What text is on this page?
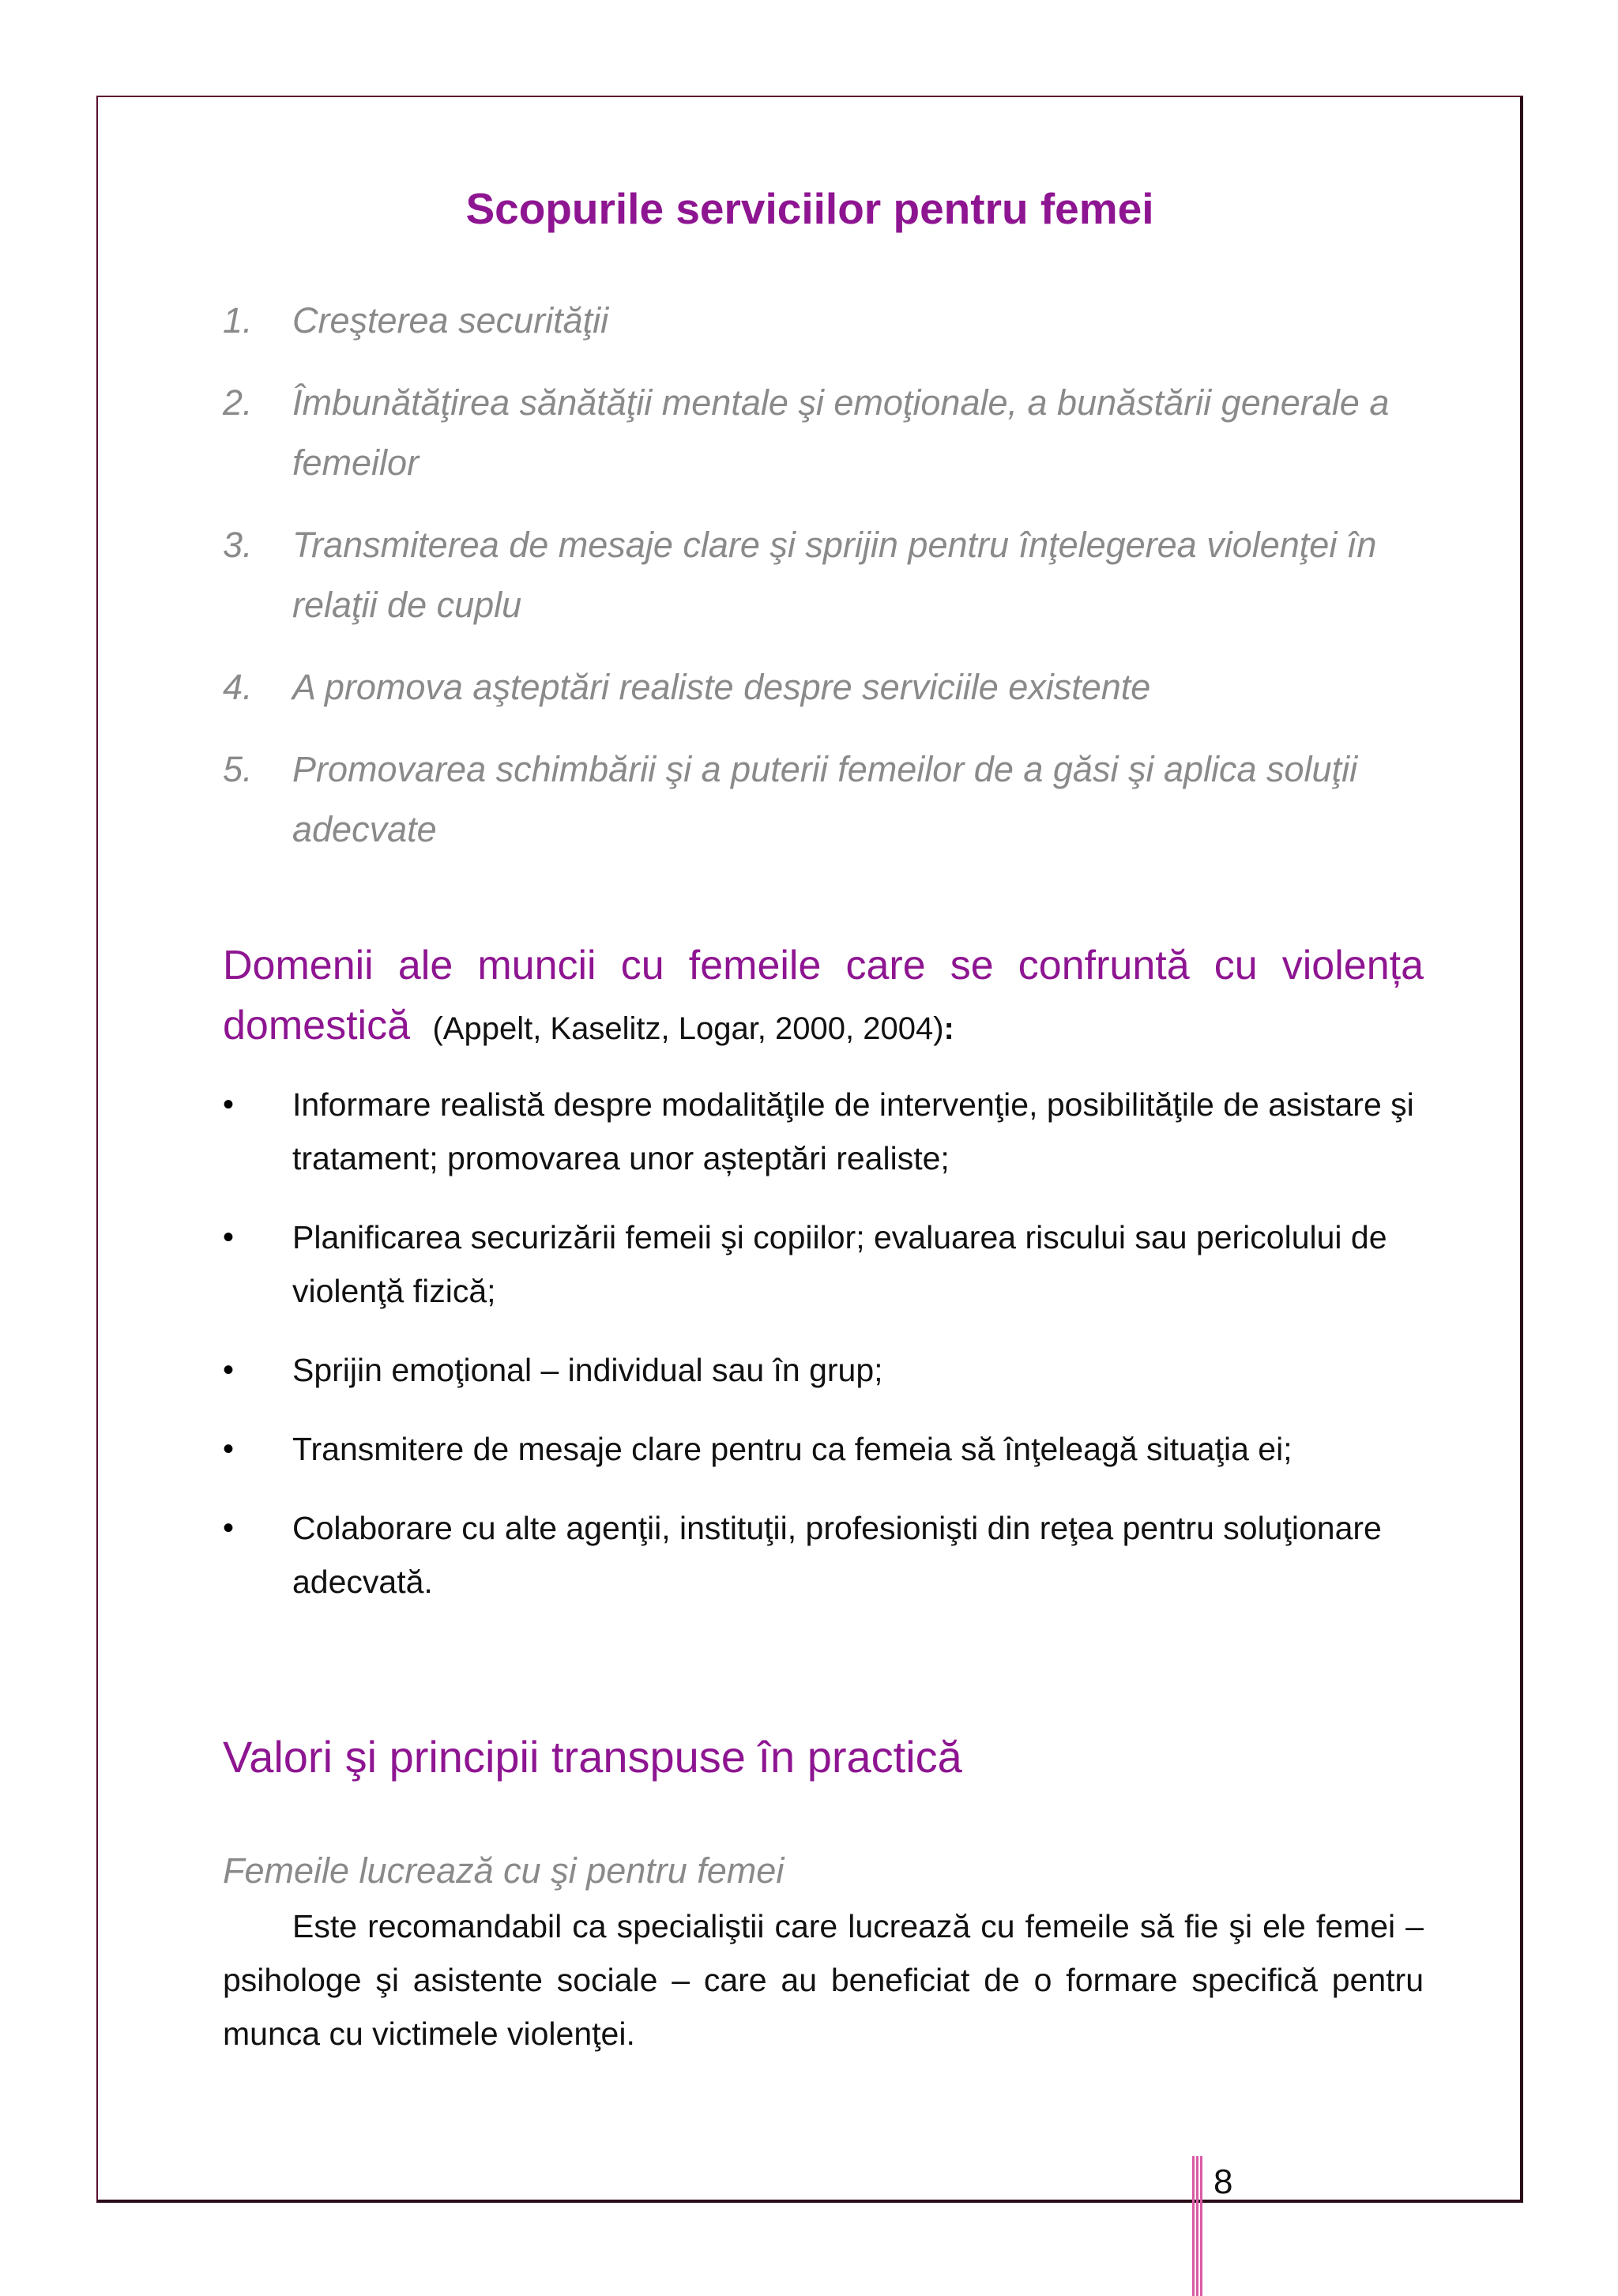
Scopurile serviciilor pentru femei
1.	Creşterea securităţii
2.	Îmbunătăţirea sănătăţii mentale şi emoţionale, a bunăstării generale a femeilor
3.	Transmiterea de mesaje clare şi sprijin pentru înţelegerea violenţei în relaţii de cuplu
4.	A promova aşteptări realiste despre serviciile existente
5.	Promovarea schimbării şi a puterii femeilor de a găsi şi aplica soluţii adecvate
Domenii ale muncii cu femeile care se confruntă cu violența domestică (Appelt, Kaselitz, Logar, 2000, 2004):
•	Informare realistă despre modalităţile de intervenţie, posibilităţile de asistare şi tratament; promovarea unor așteptări realiste;
•	Planificarea securizării femeii şi copiilor; evaluarea riscului sau pericolului de violenţă fizică;
•	Sprijin emoţional – individual sau în grup;
•	Transmitere de mesaje clare pentru ca femeia să înţeleagă situaţia ei;
•	Colaborare cu alte agenţii, instituţii, profesionişti din reţea pentru soluţionare adecvată.
Valori şi principii transpuse în practică
Femeile lucrează cu şi pentru femei
Este recomandabil ca specialiştii care lucrează cu femeile să fie şi ele femei – psihologe şi asistente sociale – care au beneficiat de o formare specifică pentru munca cu victimele violenţei.
8
